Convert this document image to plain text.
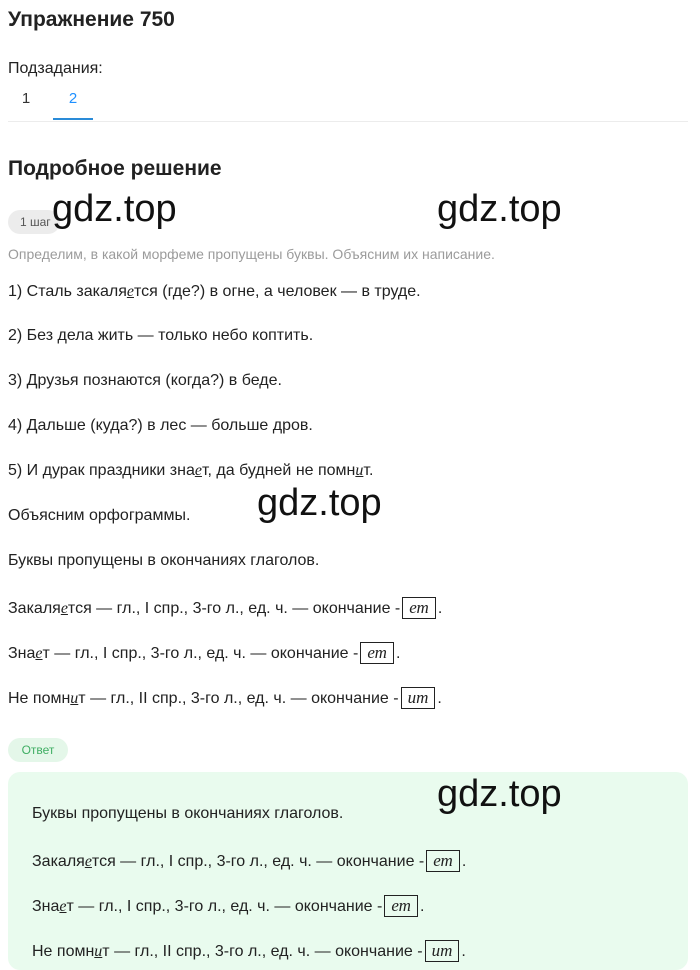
Упражнение 750
Подзадания:
1	2
Подробное решение
1 шаг
Определим, в какой морфеме пропущены буквы. Объясним их написание.
1) Сталь закаляется (где?) в огне, а человек — в труде.
2) Без дела жить — только небо коптить.
3) Друзья познаются (когда?) в беде.
4) Дальше (куда?) в лес — больше дров.
5) И дурак праздники знает, да будней не помнит.
Объясним орфограммы.
Буквы пропущены в окончаниях глаголов.
Закаляется — гл., I спр., 3-го л., ед. ч. — окончание - ет .
Знает — гл., I спр., 3-го л., ед. ч. — окончание - ет .
Не помнит — гл., II спр., 3-го л., ед. ч. — окончание - ит .
Ответ
Буквы пропущены в окончаниях глаголов.
Закаляется — гл., I спр., 3-го л., ед. ч. — окончание - ет .
Знает — гл., I спр., 3-го л., ед. ч. — окончание - ет .
Не помнит — гл., II спр., 3-го л., ед. ч. — окончание - ит .
gdz.top	gdz.top
gdz.top
gdz.top
